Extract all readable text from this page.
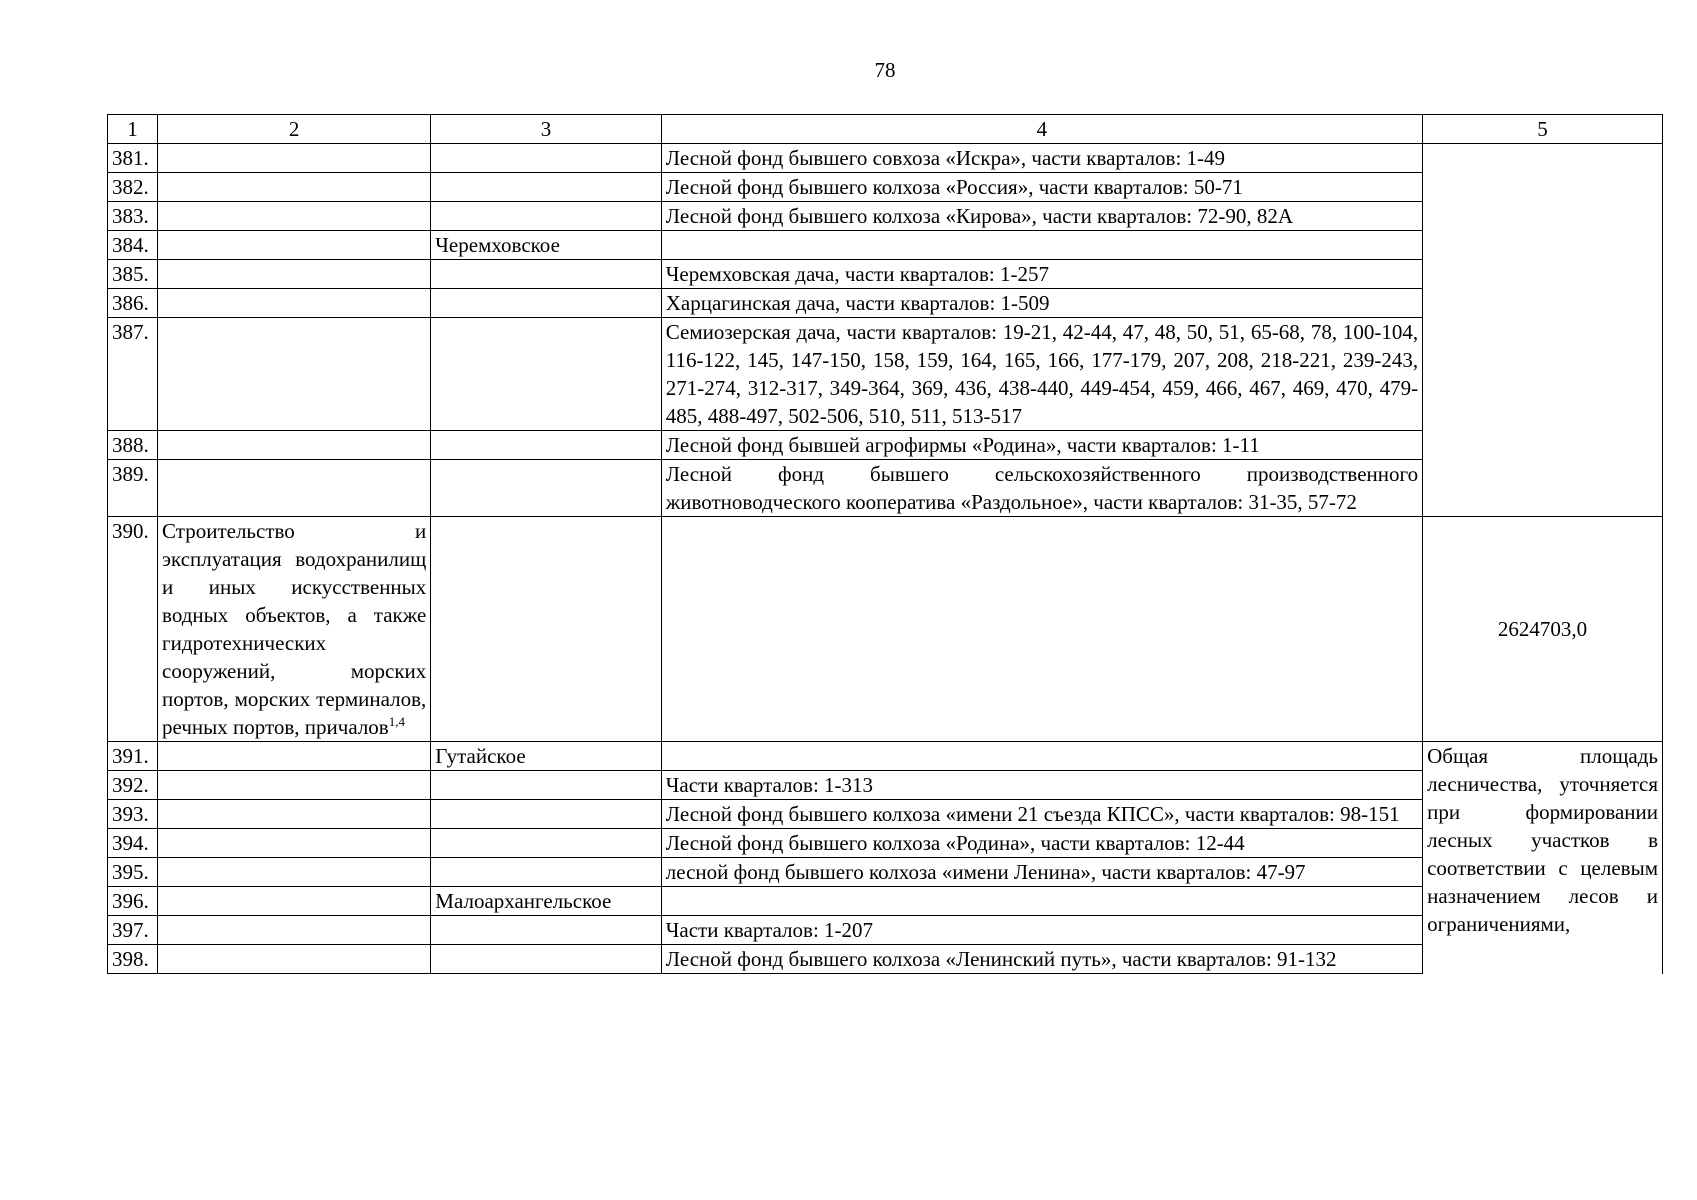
78
1	2	3	4	5
381.			Лесной фонд бывшего совхоза «Искра», части кварталов: 1-49	
382.			Лесной фонд бывшего колхоза «Россия», части кварталов: 50-71	
383.			Лесной фонд бывшего колхоза «Кирова», части кварталов: 72-90, 82А	
384.		Черемховское		
385.			Черемховская дача, части кварталов: 1-257	
386.			Харцагинская дача, части кварталов: 1-509	
387.			Семиозерская дача, части кварталов: 19-21, 42-44, 47, 48, 50, 51, 65-68, 78, 100-104, 116-122, 145, 147-150, 158, 159, 164, 165, 166, 177-179, 207, 208, 218-221, 239-243, 271-274, 312-317, 349-364, 369, 436, 438-440, 449-454, 459, 466, 467, 469, 470, 479-485, 488-497, 502-506, 510, 511, 513-517	
388.			Лесной фонд бывшей агрофирмы «Родина», части кварталов: 1-11	
389.			Лесной фонд бывшего сельскохозяйственного производственного животноводческого кооператива «Раздольное», части кварталов: 31-35, 57-72	
390.	Строительство и эксплуатация водохранилищ и иных искусственных водных объектов, а также гидротехнических сооружений, морских портов, морских терминалов, речных портов, причалов$^{1,4}$			2624703,0
391.		Гутайское		Общая площадь лесничества, уточняется при формировании лесных участков в соответствии с целевым назначением лесов и ограничениями,
392.			Части кварталов: 1-313	
393.			Лесной фонд бывшего колхоза «имени 21 съезда КПСС», части кварталов: 98-151	
394.			Лесной фонд бывшего колхоза «Родина», части кварталов: 12-44	
395.			лесной фонд бывшего колхоза «имени Ленина», части кварталов: 47-97	
396.		Малоархангельское		
397.			Части кварталов: 1-207	
398.			Лесной фонд бывшего колхоза «Ленинский путь», части кварталов: 91-132	
